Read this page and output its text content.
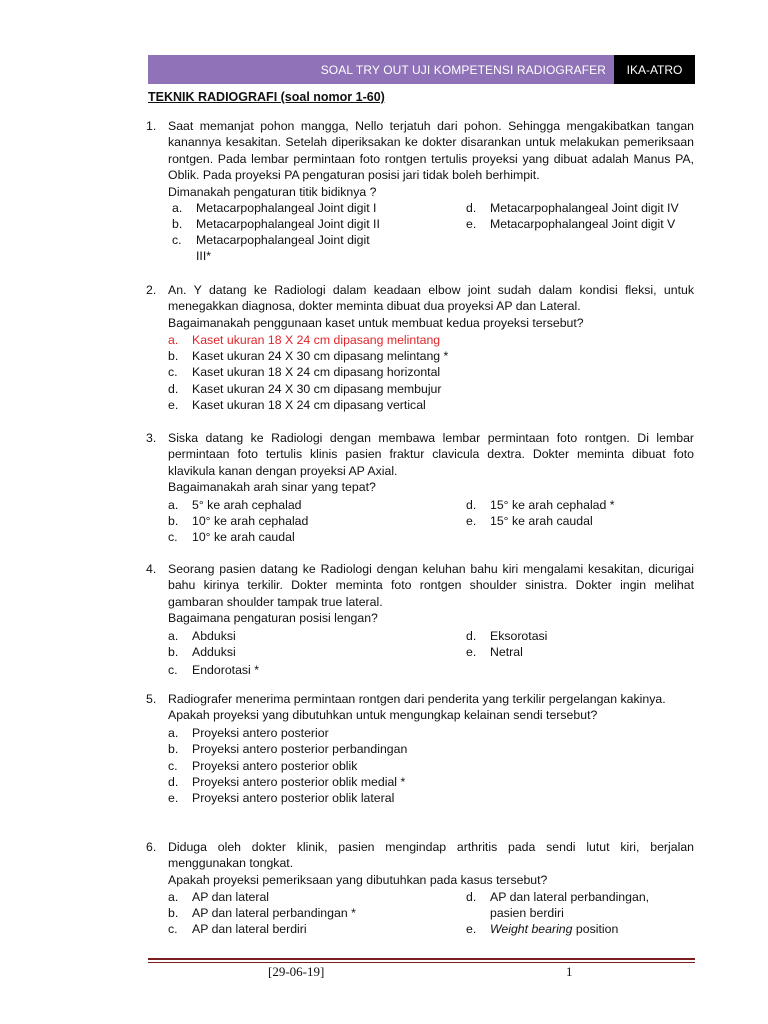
SOAL TRY OUT UJI KOMPETENSI RADIOGRAFER	IKA-ATRO
TEKNIK RADIOGRAFI (soal nomor 1-60)
1. Saat memanjat pohon mangga, Nello terjatuh dari pohon. Sehingga mengakibatkan tangan kanannya kesakitan. Setelah diperiksakan ke dokter disarankan untuk melakukan pemeriksaan rontgen. Pada lembar permintaan foto rontgen tertulis proyeksi yang dibuat adalah Manus PA, Oblik. Pada proyeksi PA pengaturan posisi jari tidak boleh berhimpit.

Dimanakah pengaturan titik bidiknya ?

a.	Metacarpophalangeal Joint digit I
b.	Metacarpophalangeal Joint digit II
c.	Metacarpophalangeal Joint digit
III*
d.	Metacarpophalangeal Joint digit IV
e.	Metacarpophalangeal Joint digit V
2. An. Y datang ke Radiologi dalam keadaan elbow joint sudah dalam kondisi fleksi, untuk menegakkan diagnosa, dokter meminta dibuat dua proyeksi AP dan Lateral.

Bagaimanakah penggunaan kaset untuk membuat kedua proyeksi tersebut?

a.	Kaset ukuran 18 X 24 cm dipasang melintang
b.	Kaset ukuran 24 X 30 cm dipasang melintang *
c.	Kaset ukuran 18 X 24 cm dipasang horizontal
d.	Kaset ukuran 24 X 30 cm dipasang membujur
e.	Kaset ukuran 18 X 24 cm dipasang vertical
3. Siska datang ke Radiologi dengan membawa lembar permintaan foto rontgen. Di lembar permintaan foto tertulis klinis pasien fraktur clavicula dextra. Dokter meminta dibuat foto klavikula kanan dengan proyeksi AP Axial.

Bagaimanakah arah sinar yang tepat?

a.	5° ke arah cephalad
b.	10° ke arah cephalad
c.	10° ke arah caudal
d.	15° ke arah cephalad *
e.	15° ke arah caudal
4. Seorang pasien datang ke Radiologi dengan keluhan bahu kiri mengalami kesakitan, dicurigai bahu kirinya terkilir. Dokter meminta foto rontgen shoulder sinistra. Dokter ingin melihat gambaran shoulder tampak true lateral.

Bagaimana pengaturan posisi lengan?

a.	Abduksi
b.	Adduksi
c.	Endorotasi *
d.	Eksorotasi
e.	Netral
5. Radiografer menerima permintaan rontgen dari penderita yang terkilir pergelangan kakinya.

Apakah proyeksi yang dibutuhkan untuk mengungkap kelainan sendi tersebut?

a.	Proyeksi antero posterior
b.	Proyeksi antero posterior perbandingan
c.	Proyeksi antero posterior oblik
d.	Proyeksi antero posterior oblik medial *
e.	Proyeksi antero posterior oblik lateral
6. Diduga oleh dokter klinik, pasien mengindap arthritis pada sendi lutut kiri, berjalan menggunakan tongkat.

Apakah proyeksi pemeriksaan yang dibutuhkan pada kasus tersebut?

a.	AP dan lateral
b.	AP dan lateral perbandingan *
c.	AP dan lateral berdiri
d.	AP dan lateral perbandingan,
pasien berdiri
e.	Weight bearing position
[29-06-19]	1
